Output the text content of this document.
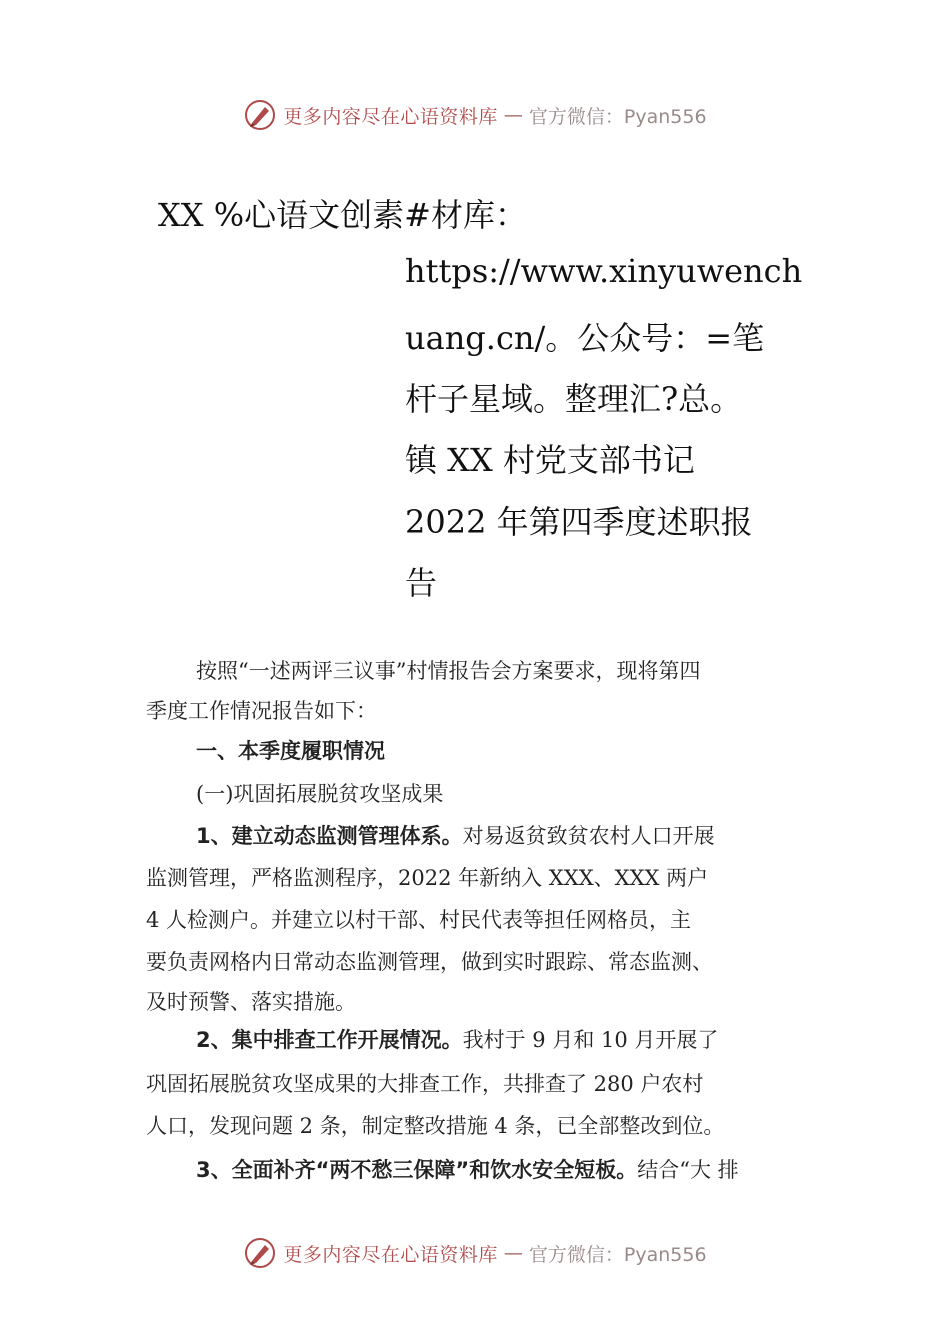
更多内容尽在心语资料库 — 官方微信：Pyan556
XX %心语文创素#材库：
https://www.xinyuwench
uang.cn/。公众号：=笔
杆子星域。整理汇?总。
镇 XX 村党支部书记
2022 年第四季度述职报
告
按照“一述两评三议事”村情报告会方案要求，现将第四
季度工作情况报告如下：
一、本季度履职情况
(一)巩固拓展脱贫攻坚成果
1、建立动态监测管理体系。对易返贫致贫农村人口开展
监测管理，严格监测程序，2022 年新纳入 XXX、XXX 两户
4 人检测户。并建立以村干部、村民代表等担任网格员，主
要负责网格内日常动态监测管理，做到实时跟踪、常态监测、
及时预警、落实措施。
2、集中排查工作开展情况。我村于 9 月和 10 月开展了
巩固拓展脱贫攻坚成果的大排查工作，共排查了 280 户农村
人口，发现问题 2 条，制定整改措施 4 条，已全部整改到位。
3、全面补齐“两不愁三保障”和饮水安全短板。结合“大 排
更多内容尽在心语资料库 — 官方微信：Pyan556
